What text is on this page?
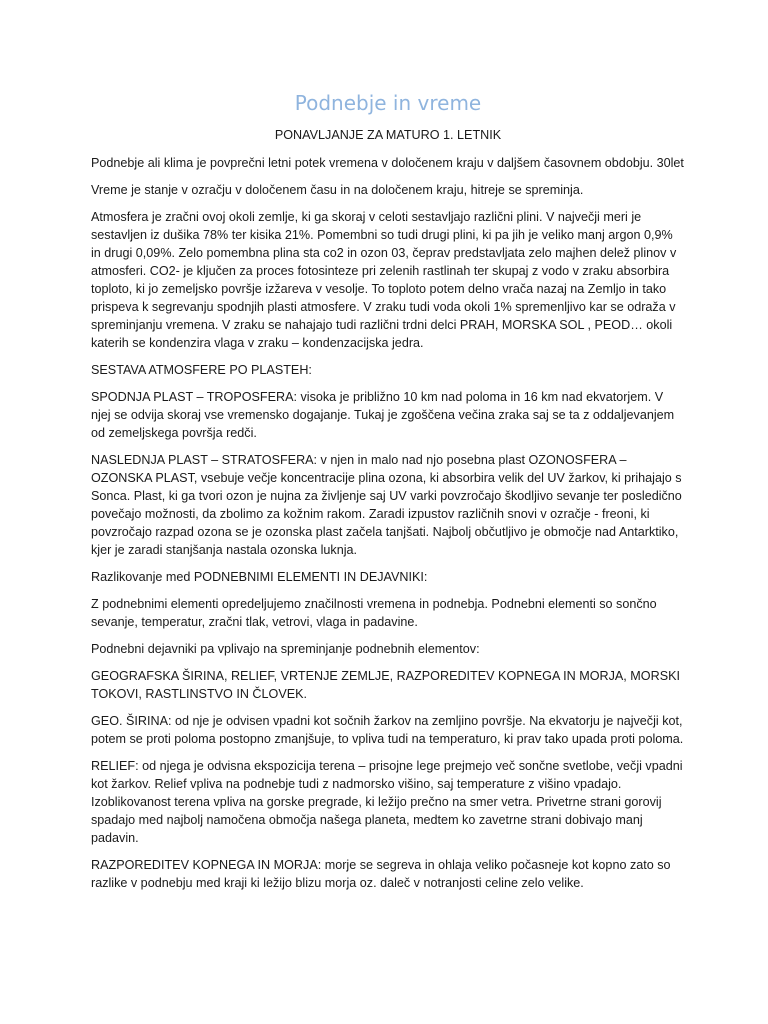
Podnebje in vreme
PONAVLJANJE ZA MATURO 1. LETNIK

Podnebje ali klima je povprečni letni potek vremena v določenem kraju v daljšem časovnem obdobju. 30let

Vreme je stanje v ozračju v določenem času in na določenem kraju, hitreje se spreminja.

Atmosfera je zračni ovoj okoli zemlje, ki ga skoraj v celoti sestavljajo različni plini. V največji meri je sestavljen iz dušika 78% ter kisika 21%. Pomembni so tudi drugi plini, ki pa jih je veliko manj argon 0,9% in drugi 0,09%. Zelo pomembna plina sta co2 in ozon 03, čeprav predstavljata zelo majhen delež plinov v atmosferi. CO2- je ključen za proces fotosinteze pri zelenih rastlinah ter skupaj z vodo v zraku absorbira toploto, ki jo zemeljsko površje izžareva v vesolje. To toploto potem delno vrača nazaj na Zemljo in tako prispeva k segrevanju spodnjih plasti atmosfere. V zraku tudi voda okoli 1% spremenljivo kar se odraža v spreminjanju vremena. V zraku se nahajajo tudi različni trdni delci PRAH, MORSKA SOL , PEOD… okoli katerih se kondenzira vlaga v zraku – kondenzacijska jedra.

SESTAVA ATMOSFERE PO PLASTEH:

SPODNJA PLAST – TROPOSFERA: visoka je približno 10 km nad poloma in 16 km nad ekvatorjem. V njej se odvija skoraj vse vremensko dogajanje. Tukaj je zgoščena večina zraka saj se ta z oddaljevanjem od zemeljskega površja redči.

NASLEDNJA PLAST – STRATOSFERA: v njen in malo nad njo posebna plast OZONOSFERA – OZONSKA PLAST, vsebuje večje koncentracije plina ozona, ki absorbira velik del UV žarkov, ki prihajajo s Sonca. Plast, ki ga tvori ozon je nujna za življenje saj UV varki povzročajo škodljivo sevanje ter posledično povečajo možnosti, da zbolimo za kožnim rakom. Zaradi izpustov različnih snovi v ozračje - freoni, ki povzročajo razpad ozona se je ozonska plast začela tanjšati. Najbolj občutljivo je območje nad Antarktiko, kjer je zaradi stanjšanja nastala ozonska luknja.

Razlikovanje med PODNEBNIMI ELEMENTI IN DEJAVNIKI:

Z podnebnimi elementi opredeljujemo značilnosti vremena in podnebja. Podnebni elementi so sončno sevanje, temperatur, zračni tlak, vetrovi, vlaga in padavine.

Podnebni dejavniki pa vplivajo na spreminjanje podnebnih elementov:

GEOGRAFSKA ŠIRINA, RELIEF, VRTENJE ZEMLJE, RAZPOREDITEV KOPNEGA IN MORJA, MORSKI TOKOVI, RASTLINSTVO IN ČLOVEK.

GEO. ŠIRINA: od nje je odvisen vpadni kot sočnih žarkov na zemljino površje. Na ekvatorju je največji kot, potem se proti poloma postopno zmanjšuje, to vpliva tudi na temperaturo, ki prav tako upada proti poloma.

RELIEF: od njega je odvisna ekspozicija terena – prisojne lege prejmejo več sončne svetlobe, večji vpadni kot žarkov. Relief vpliva na podnebje tudi z nadmorsko višino, saj temperature z višino vpadajo. Izoblikovanost terena vpliva na gorske pregrade, ki ležijo prečno na smer vetra. Privetrne strani gorovij spadajo med najbolj namočena območja našega planeta, medtem ko zavetrne strani dobivajo manj padavin.

RAZPOREDITEV KOPNEGA IN MORJA: morje se segreva in ohlaja veliko počasneje kot kopno zato so razlike v podnebju med kraji ki ležijo blizu morja oz. daleč v notranjosti celine zelo velike.
